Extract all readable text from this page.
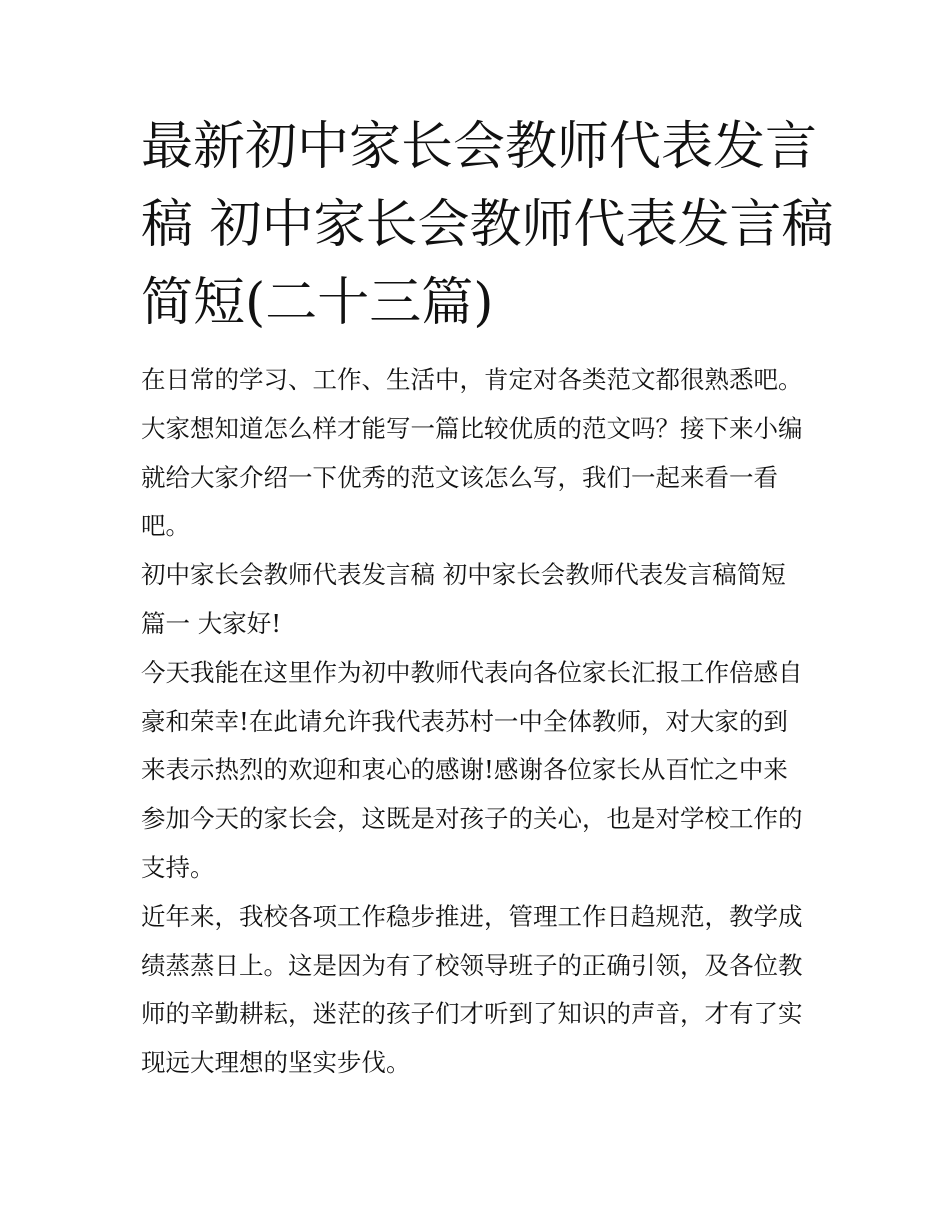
最新初中家长会教师代表发言
稿 初中家长会教师代表发言稿
简短(二十三篇)
在日常的学习、工作、生活中，肯定对各类范文都很熟悉吧。
大家想知道怎么样才能写一篇比较优质的范文吗？接下来小编
就给大家介绍一下优秀的范文该怎么写，我们一起来看一看
吧。
初中家长会教师代表发言稿 初中家长会教师代表发言稿简短
篇一 大家好!
今天我能在这里作为初中教师代表向各位家长汇报工作倍感自
豪和荣幸!在此请允许我代表苏村一中全体教师，对大家的到
来表示热烈的欢迎和衷心的感谢!感谢各位家长从百忙之中来
参加今天的家长会，这既是对孩子的关心，也是对学校工作的
支持。
近年来，我校各项工作稳步推进，管理工作日趋规范，教学成
绩蒸蒸日上。这是因为有了校领导班子的正确引领，及各位教
师的辛勤耕耘，迷茫的孩子们才听到了知识的声音，才有了实
现远大理想的坚实步伐。
